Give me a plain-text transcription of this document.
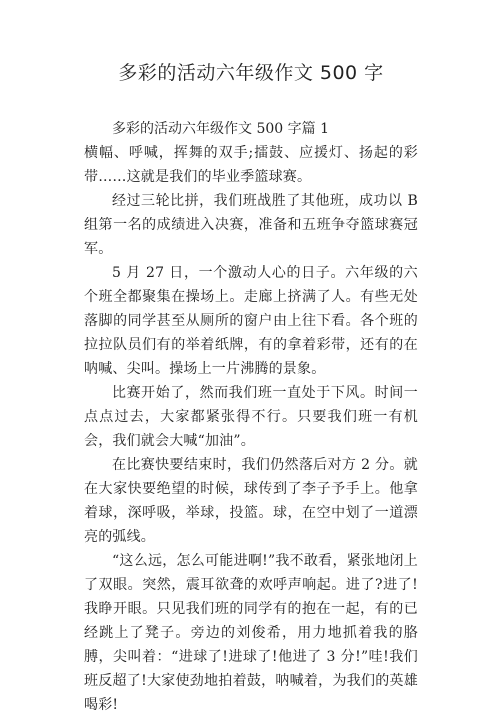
多彩的活动六年级作文 500 字

多彩的活动六年级作文 500 字篇 1

横幅、呼喊，挥舞的双手;擂鼓、应援灯、扬起的彩带……这就是我们的毕业季篮球赛。

经过三轮比拼，我们班战胜了其他班，成功以 B 组第一名的成绩进入决赛，准备和五班争夺篮球赛冠军。

5 月 27 日，一个激动人心的日子。六年级的六个班全都聚集在操场上。走廊上挤满了人。有些无处落脚的同学甚至从厕所的窗户由上往下看。各个班的拉拉队员们有的举着纸牌，有的拿着彩带，还有的在呐喊、尖叫。操场上一片沸腾的景象。

比赛开始了，然而我们班一直处于下风。时间一点点过去，大家都紧张得不行。只要我们班一有机会，我们就会大喊“加油”。

在比赛快要结束时，我们仍然落后对方 2 分。就在大家快要绝望的时候，球传到了李子予手上。他拿着球，深呼吸，举球，投篮。球，在空中划了一道漂亮的弧线。

“这么远，怎么可能进啊!”我不敢看，紧张地闭上了双眼。突然，震耳欲聋的欢呼声响起。进了?进了!我睁开眼。只见我们班的同学有的抱在一起，有的已经跳上了凳子。旁边的刘俊希，用力地抓着我的胳膊，尖叫着：“进球了!进球了!他进了 3 分!”哇!我们班反超了!大家使劲地拍着鼓，呐喊着，为我们的英雄喝彩!
